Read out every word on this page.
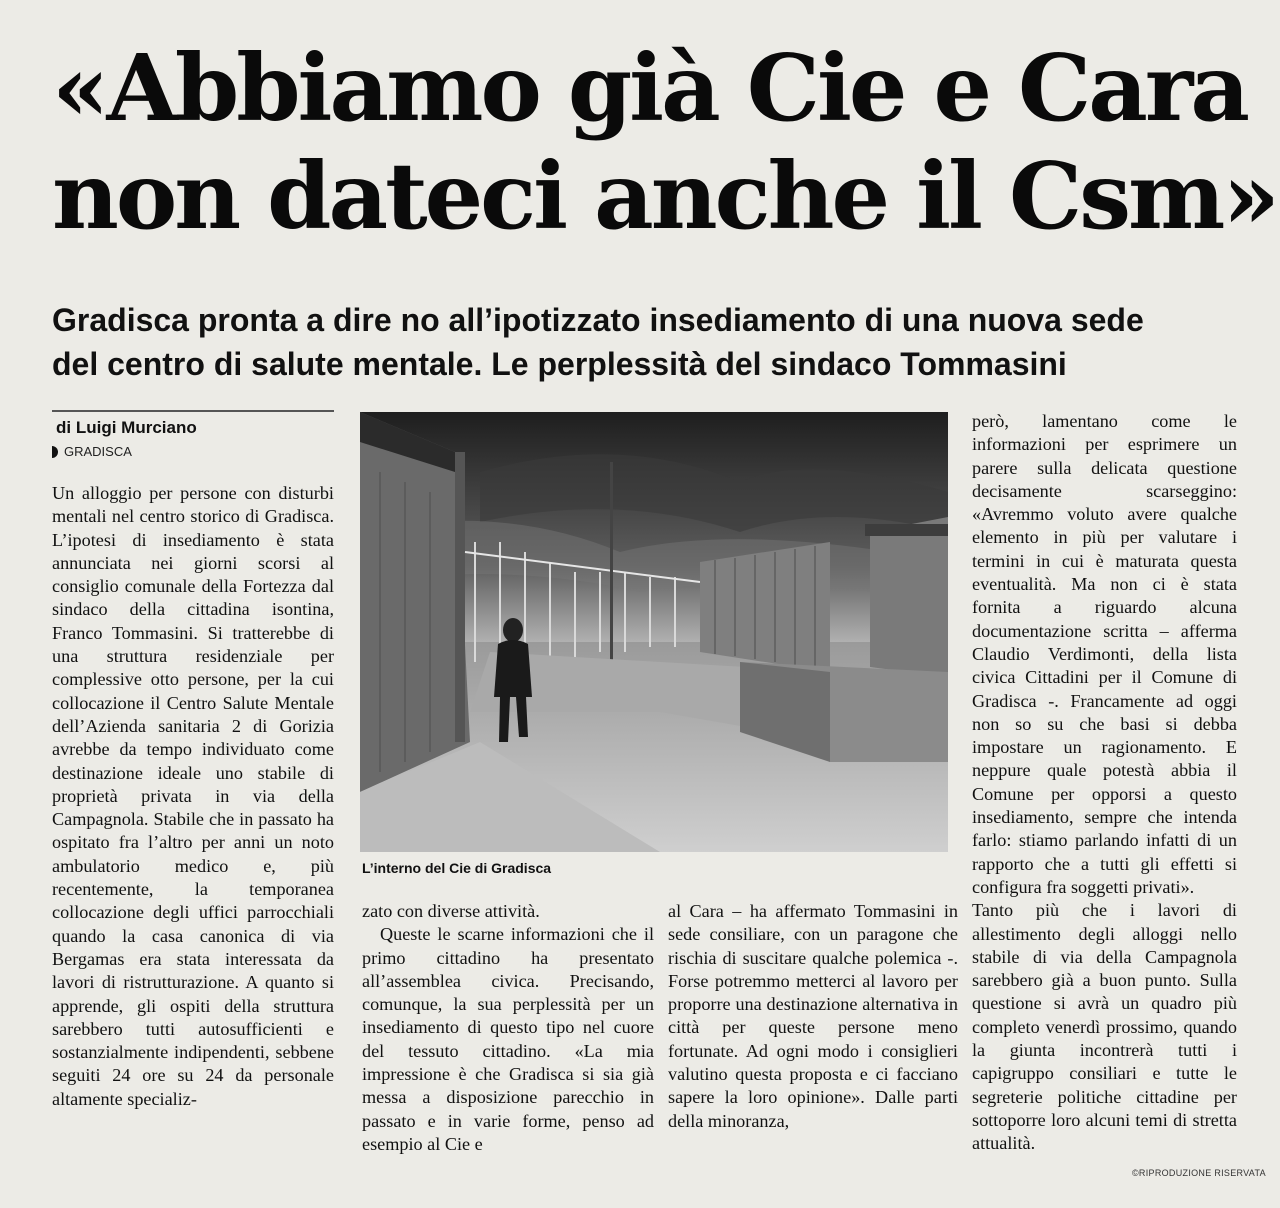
«Abbiamo già Cie e Cara
non dateci anche il Csm»
Gradisca pronta a dire no all’ipotizzato insediamento di una nuova sede
del centro di salute mentale. Le perplessità del sindaco Tommasini
di Luigi Murciano
GRADISCA

Un alloggio per persone con disturbi mentali nel centro storico di Gradisca. L’ipotesi di insediamento è stata annunciata nei giorni scorsi al consiglio comunale della Fortezza dal sindaco della cittadina isontina, Franco Tommasini. Si tratterebbe di una struttura residenziale per complessive otto persone, per la cui collocazione il Centro Salute Mentale dell’Azienda sanitaria 2 di Gorizia avrebbe da tempo individuato come destinazione ideale uno stabile di proprietà privata in via della Campagnola. Stabile che in passato ha ospitato fra l’altro per anni un noto ambulatorio medico e, più recentemente, la temporanea collocazione degli uffici parrocchiali quando la casa canonica di via Bergamas era stata interessata da lavori di ristrutturazione. A quanto si apprende, gli ospiti della struttura sarebbero tutti autosufficienti e sostanzialmente indipendenti, sebbene seguiti 24 ore su 24 da personale altamente specializ-

L’interno del Cie di Gradisca

zato con diverse attività.

Queste le scarne informazioni che il primo cittadino ha presentato all’assemblea civica. Precisando, comunque, la sua perplessità per un insediamento di questo tipo nel cuore del tessuto cittadino. «La mia impressione è che Gradisca si sia già messa a disposizione parecchio in passato e in varie forme, penso ad esempio al Cie e

al Cara – ha affermato Tommasini in sede consiliare, con un paragone che rischia di suscitare qualche polemica -. Forse potremmo metterci al lavoro per proporre una destinazione alternativa in città per queste persone meno fortunate. Ad ogni modo i consiglieri valutino questa proposta e ci facciano sapere la loro opinione». Dalle parti della minoranza,

però, lamentano come le informazioni per esprimere un parere sulla delicata questione decisamente scarseggino: «Avremmo voluto avere qualche elemento in più per valutare i termini in cui è maturata questa eventualità. Ma non ci è stata fornita a riguardo alcuna documentazione scritta – afferma Claudio Verdimonti, della lista civica Cittadini per il Comune di Gradisca -. Francamente ad oggi non so su che basi si debba impostare un ragionamento. E neppure quale potestà abbia il Comune per opporsi a questo insediamento, sempre che intenda farlo: stiamo parlando infatti di un rapporto che a tutti gli effetti si configura fra soggetti privati».

Tanto più che i lavori di allestimento degli alloggi nello stabile di via della Campagnola sarebbero già a buon punto. Sulla questione si avrà un quadro più completo venerdì prossimo, quando la giunta incontrerà tutti i capigruppo consiliari e tutte le segreterie politiche cittadine per sottoporre loro alcuni temi di stretta attualità.

©RIPRODUZIONE RISERVATA
